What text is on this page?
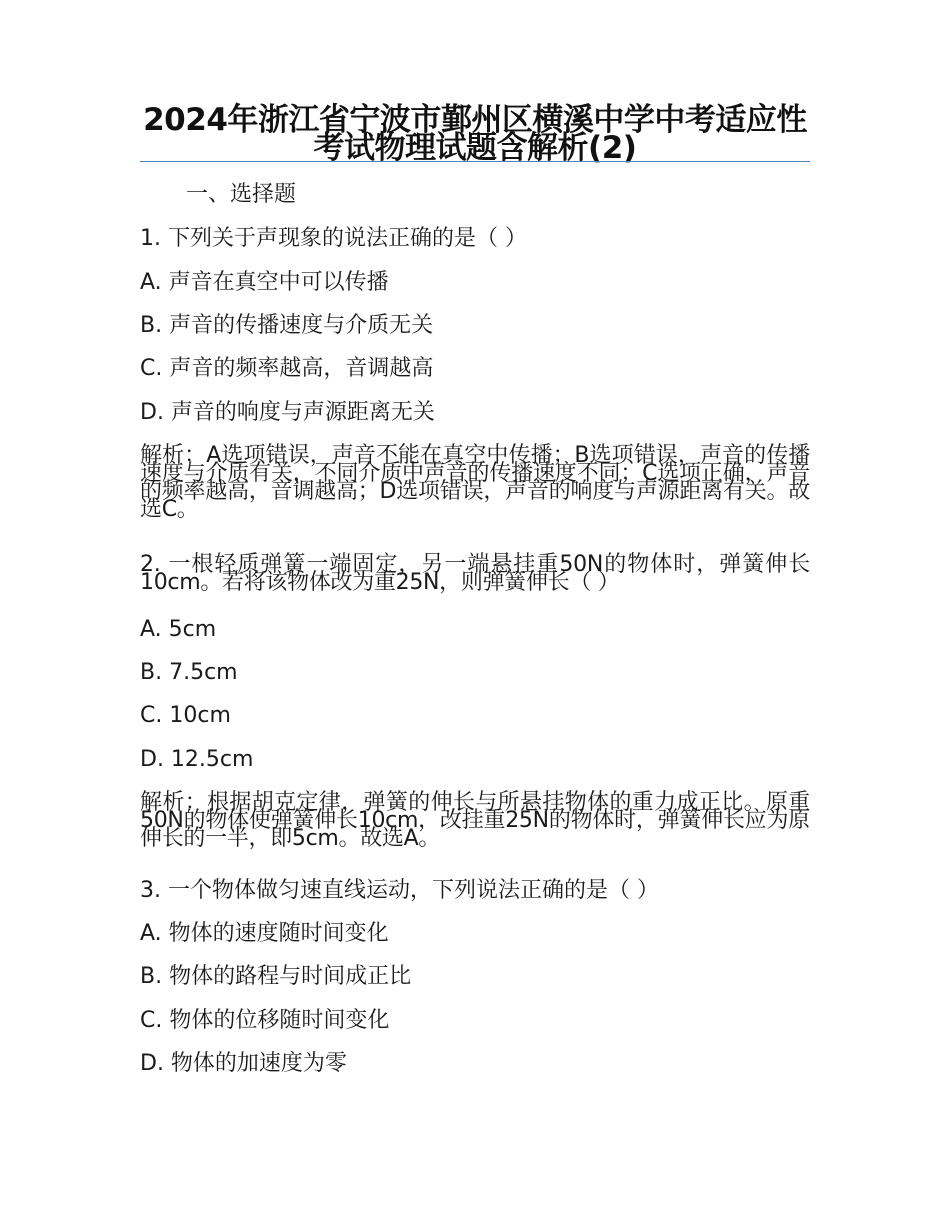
2024年浙江省宁波市鄞州区横溪中学中考适应性考试物理试题含解析(2)
一、选择题
1. 下列关于声现象的说法正确的是（ ）
A. 声音在真空中可以传播
B. 声音的传播速度与介质无关
C. 声音的频率越高，音调越高
D. 声音的响度与声源距离无关
解析：A选项错误，声音不能在真空中传播；B选项错误，声音的传播速度与介质有关，不同介质中声音的传播速度不同；C选项正确，声音的频率越高，音调越高；D选项错误，声音的响度与声源距离有关。故选C。
2. 一根轻质弹簧一端固定，另一端悬挂重50N的物体时，弹簧伸长10cm。若将该物体改为重25N，则弹簧伸长（ ）
A. 5cm
B. 7.5cm
C. 10cm
D. 12.5cm
解析：根据胡克定律，弹簧的伸长与所悬挂物体的重力成正比。原重50N的物体使弹簧伸长10cm，改挂重25N的物体时，弹簧伸长应为原伸长的一半，即5cm。故选A。
3. 一个物体做匀速直线运动，下列说法正确的是（ ）
A. 物体的速度随时间变化
B. 物体的路程与时间成正比
C. 物体的位移随时间变化
D. 物体的加速度为零
